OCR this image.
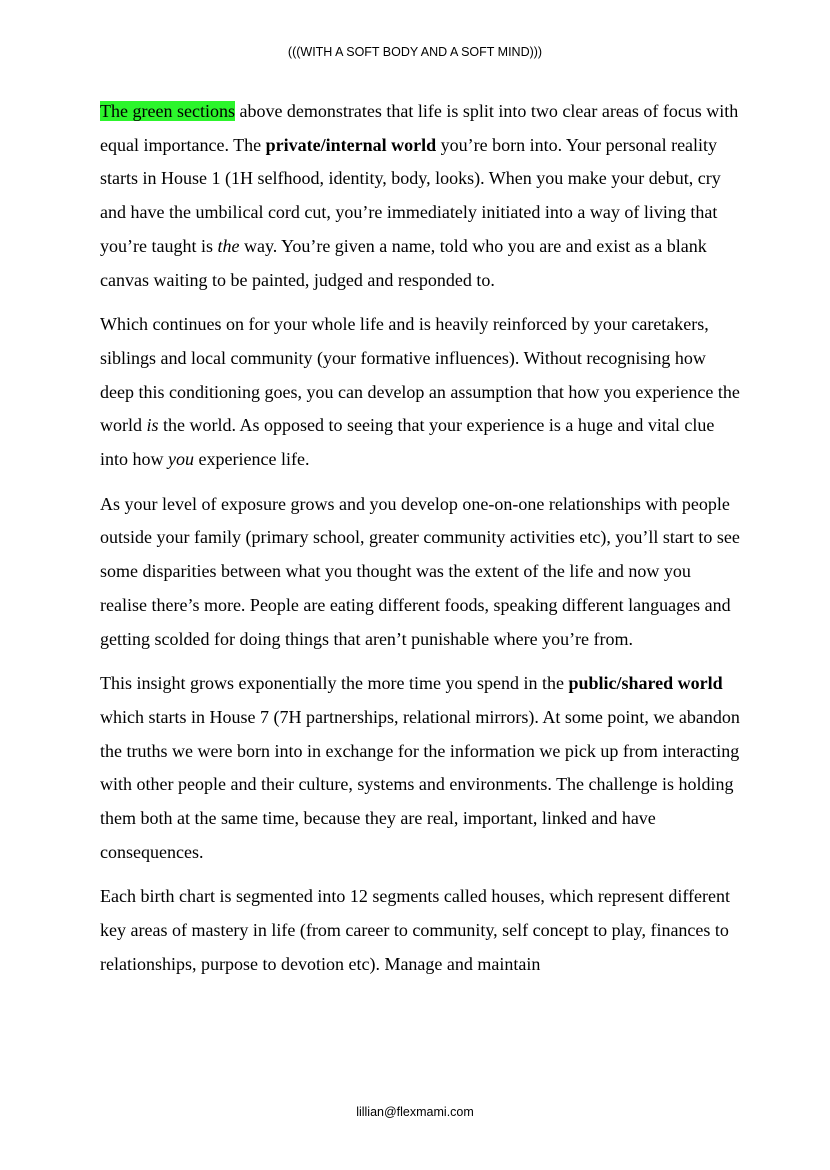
(((WITH A SOFT BODY AND A SOFT MIND)))

The green sections above demonstrates that life is split into two clear areas of focus with equal importance. The private/internal world you’re born into. Your personal reality starts in House 1 (1H selfhood, identity, body, looks). When you make your debut, cry and have the umbilical cord cut, you’re immediately initiated into a way of living that you’re taught is the way. You’re given a name, told who you are and exist as a blank canvas waiting to be painted, judged and responded to.

Which continues on for your whole life and is heavily reinforced by your caretakers, siblings and local community (your formative influences). Without recognising how deep this conditioning goes, you can develop an assumption that how you experience the world is the world. As opposed to seeing that your experience is a huge and vital clue into how you experience life.

As your level of exposure grows and you develop one-on-one relationships with people outside your family (primary school, greater community activities etc), you’ll start to see some disparities between what you thought was the extent of the life and now you realise there’s more. People are eating different foods, speaking different languages and getting scolded for doing things that aren’t punishable where you’re from.

This insight grows exponentially the more time you spend in the public/shared world which starts in House 7 (7H partnerships, relational mirrors). At some point, we abandon the truths we were born into in exchange for the information we pick up from interacting with other people and their culture, systems and environments. The challenge is holding them both at the same time, because they are real, important, linked and have consequences.

Each birth chart is segmented into 12 segments called houses, which represent different key areas of mastery in life (from career to community, self concept to play, finances to relationships, purpose to devotion etc). Manage and maintain

lillian@flexmami.com
